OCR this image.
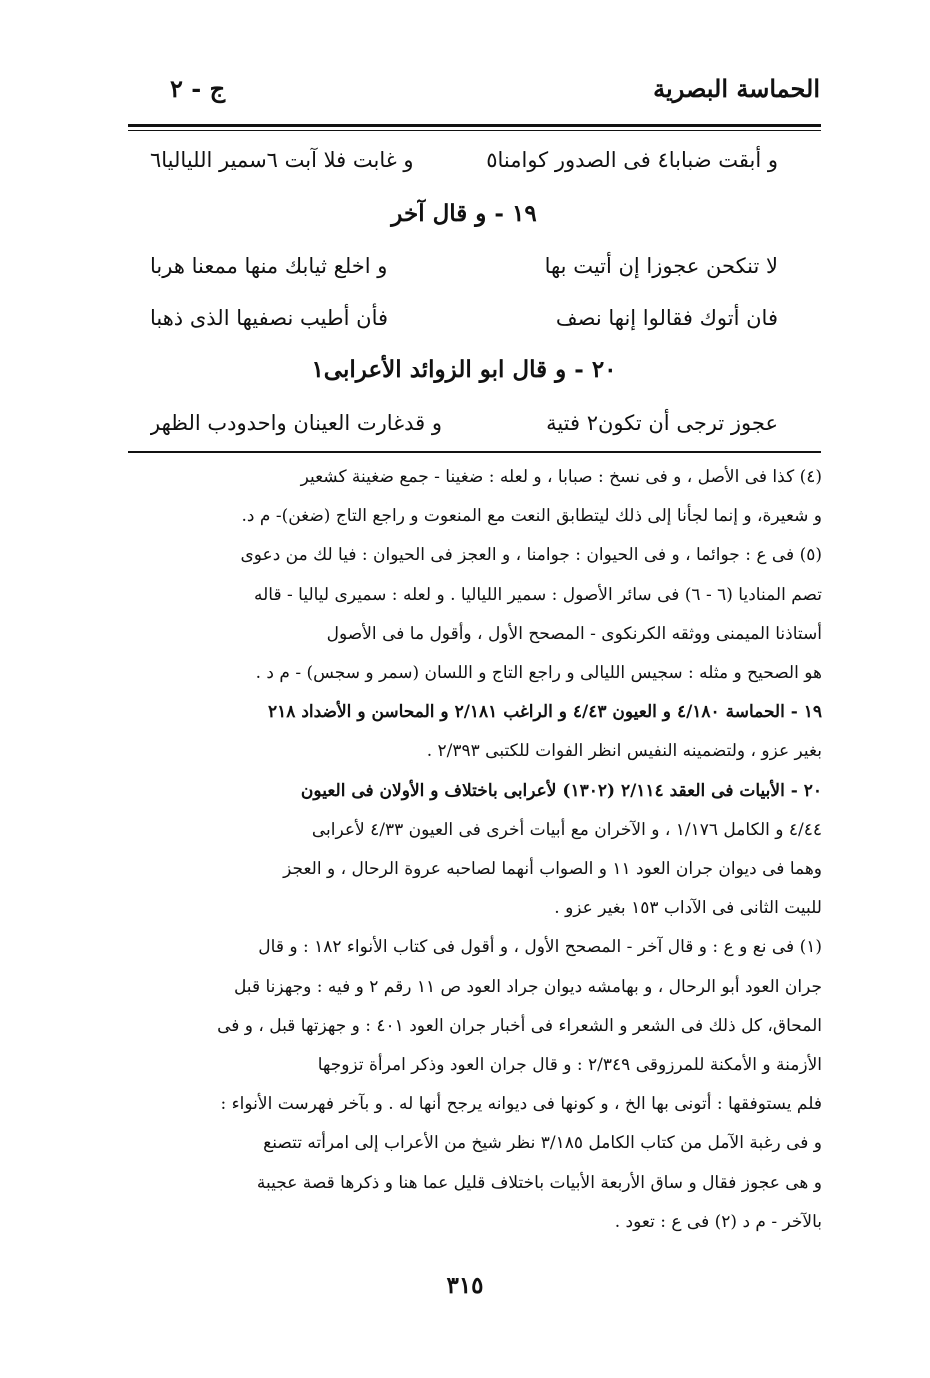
الحماسة البصرية
ج - ٢
و أبقت ضبابا٤ فى الصدور كوامنا٥
و غابت فلا آبت ٦سمير اللياليا٦
١٩ - و قال آخر
لا تنكحن عجوزا إن أتيت بها
و اخلع ثيابك منها ممعنا هربا
فان أتوك فقالوا إنها نصف
فأن أطيب نصفيها الذى ذهبا
٢٠ - و قال ابو الزوائد الأعرابى١
عجوز ترجى أن تكون٢ فتية
و قدغارت العينان واحدودب الظهر
(٤) كذا فى الأصل ، و فى نسخ : صبابا ، و لعله : ضغينا - جمع ضغينة كشعير
و شعيرة، و إنما لجأنا إلى ذلك ليتطابق النعت مع المنعوت و راجع التاج (ضغن)- م د.
(٥) فى ع : جوائما ، و فى الحيوان : جوامنا ، و العجز فى الحيوان : فيا لك من دعوى
تصم المناديا (٦ - ٦) فى سائر الأصول : سمير اللياليا . و لعله : سميرى لياليا - قاله
أستاذنا الميمنى ووثقه الكرنكوى - المصحح الأول ، وأقول ما فى الأصول
هو الصحيح و مثله : سجيس الليالى و راجع التاج و اللسان (سمر و سجس) - م د .
١٩ - الحماسة ٤/١٨٠ و العيون ٤/٤٣ و الراغب ٢/١٨١ و المحاسن و الأضداد ٢١٨
بغير عزو ، ولتضمينه النفيس انظر الفوات للكتبى ٢/٣٩٣ .
٢٠ - الأبيات فى العقد ٢/١١٤ (١٣٠٢) لأعرابى باختلاف و الأولان فى العيون
٤/٤٤ و الكامل ١/١٧٦ ، و الآخران مع أبيات أخرى فى العيون ٤/٣٣ لأعرابى
وهما فى ديوان جران العود ١١ و الصواب أنهما لصاحبه عروة الرحال ، و العجز
للبيت الثانى فى الآداب ١٥٣ بغير عزو .
(١) فى نع و ع : و قال آخر - المصحح الأول ، و أقول فى كتاب الأنواء ١٨٢ : و قال
جران العود أبو الرحال ، و بهامشه ديوان جراد العود ص ١١ رقم ٢ و فيه : وجهزنا قبل
المحاق، كل ذلك فى الشعر و الشعراء فى أخبار جران العود ٤٠١ : و جهزتها قبل ، و فى
الأزمنة و الأمكنة للمرزوقى ٢/٣٤٩ : و قال جران العود وذكر امرأة تزوجها
فلم يستوفقها : أتونى بها الخ ، و كونها فى ديوانه يرجح أنها له . و بآخر فهرست الأنواء :
و فى رغبة الآمل من كتاب الكامل ٣/١٨٥ نظر شيخ من الأعراب إلى امرأته تتصنع
و هى عجوز فقال و ساق الأربعة الأبيات باختلاف قليل عما هنا و ذكرها قصة عجيبة
بالآخر - م د (٢) فى ع : تعود .
٣١٥
